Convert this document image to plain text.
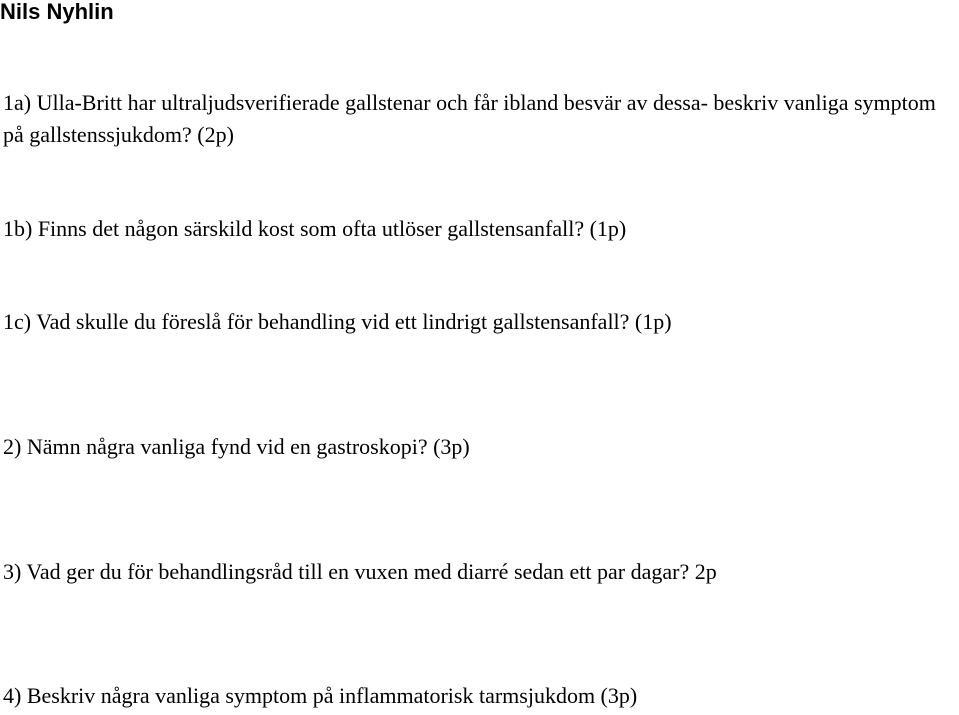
Nils Nyhlin

1a) Ulla-Britt har ultraljudsverifierade gallstenar och får ibland besvär av dessa- beskriv vanliga symptom på gallstenssjukdom? (2p)

1b) Finns det någon särskild kost som ofta utlöser gallstensanfall? (1p)

1c) Vad skulle du föreslå för behandling vid ett lindrigt gallstensanfall? (1p)

2) Nämn några vanliga fynd vid en gastroskopi? (3p)

3) Vad ger du för behandlingsråd till en vuxen med diarré sedan ett par dagar? 2p

4) Beskriv några vanliga symptom på inflammatorisk tarmsjukdom (3p)
